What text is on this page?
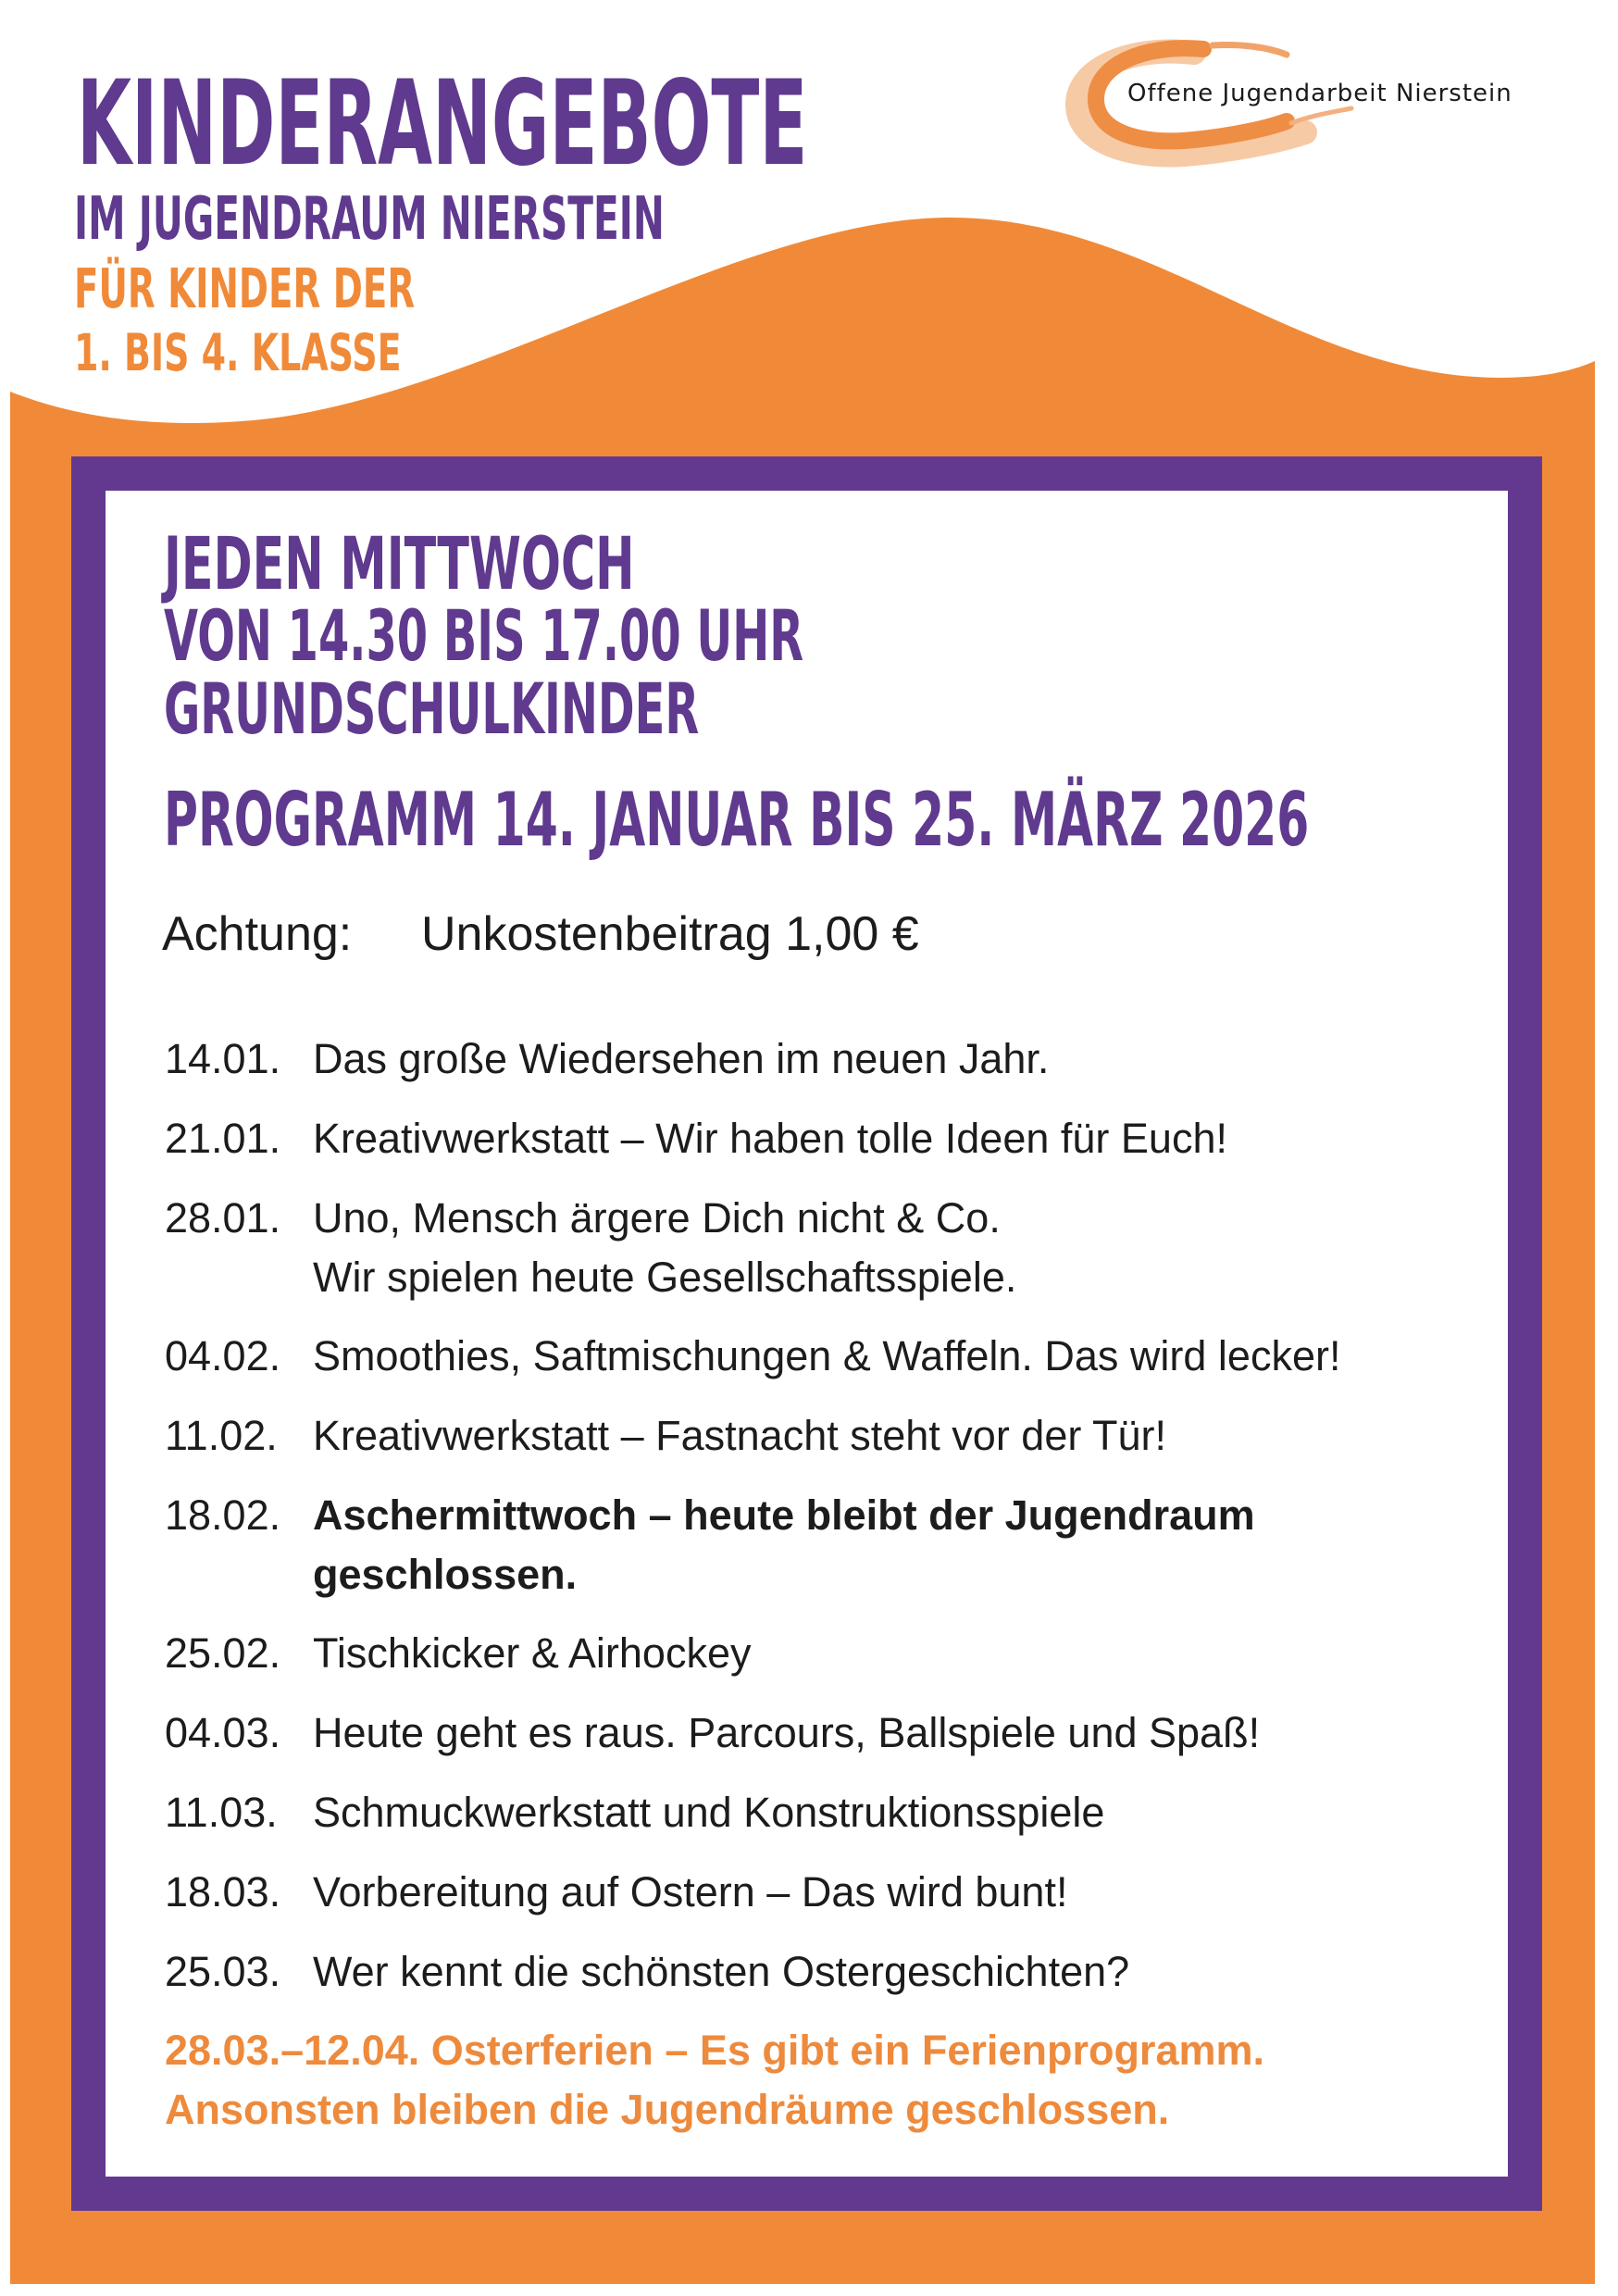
Offene Jugendarbeit Nierstein
KINDERANGEBOTE
IM JUGENDRAUM NIERSTEIN
FÜR KINDER DER
1. BIS 4. KLASSE
JEDEN MITTWOCH
VON 14.30 BIS 17.00 UHR
GRUNDSCHULKINDER
PROGRAMM 14. JANUAR BIS 25. MÄRZ 2026
Achtung: Unkostenbeitrag 1,00 €
14.01. Das große Wiedersehen im neuen Jahr.
21.01. Kreativwerkstatt – Wir haben tolle Ideen für Euch!
28.01. Uno, Mensch ärgere Dich nicht & Co.
Wir spielen heute Gesellschaftsspiele.
04.02. Smoothies, Saftmischungen & Waffeln. Das wird lecker!
11.02. Kreativwerkstatt – Fastnacht steht vor der Tür!
18.02. Aschermittwoch – heute bleibt der Jugendraum
geschlossen.
25.02. Tischkicker & Airhockey
04.03. Heute geht es raus. Parcours, Ballspiele und Spaß!
11.03. Schmuckwerkstatt und Konstruktionsspiele
18.03. Vorbereitung auf Ostern – Das wird bunt!
25.03. Wer kennt die schönsten Ostergeschichten?
28.03.–12.04. Osterferien – Es gibt ein Ferienprogramm.
Ansonsten bleiben die Jugendräume geschlossen.
